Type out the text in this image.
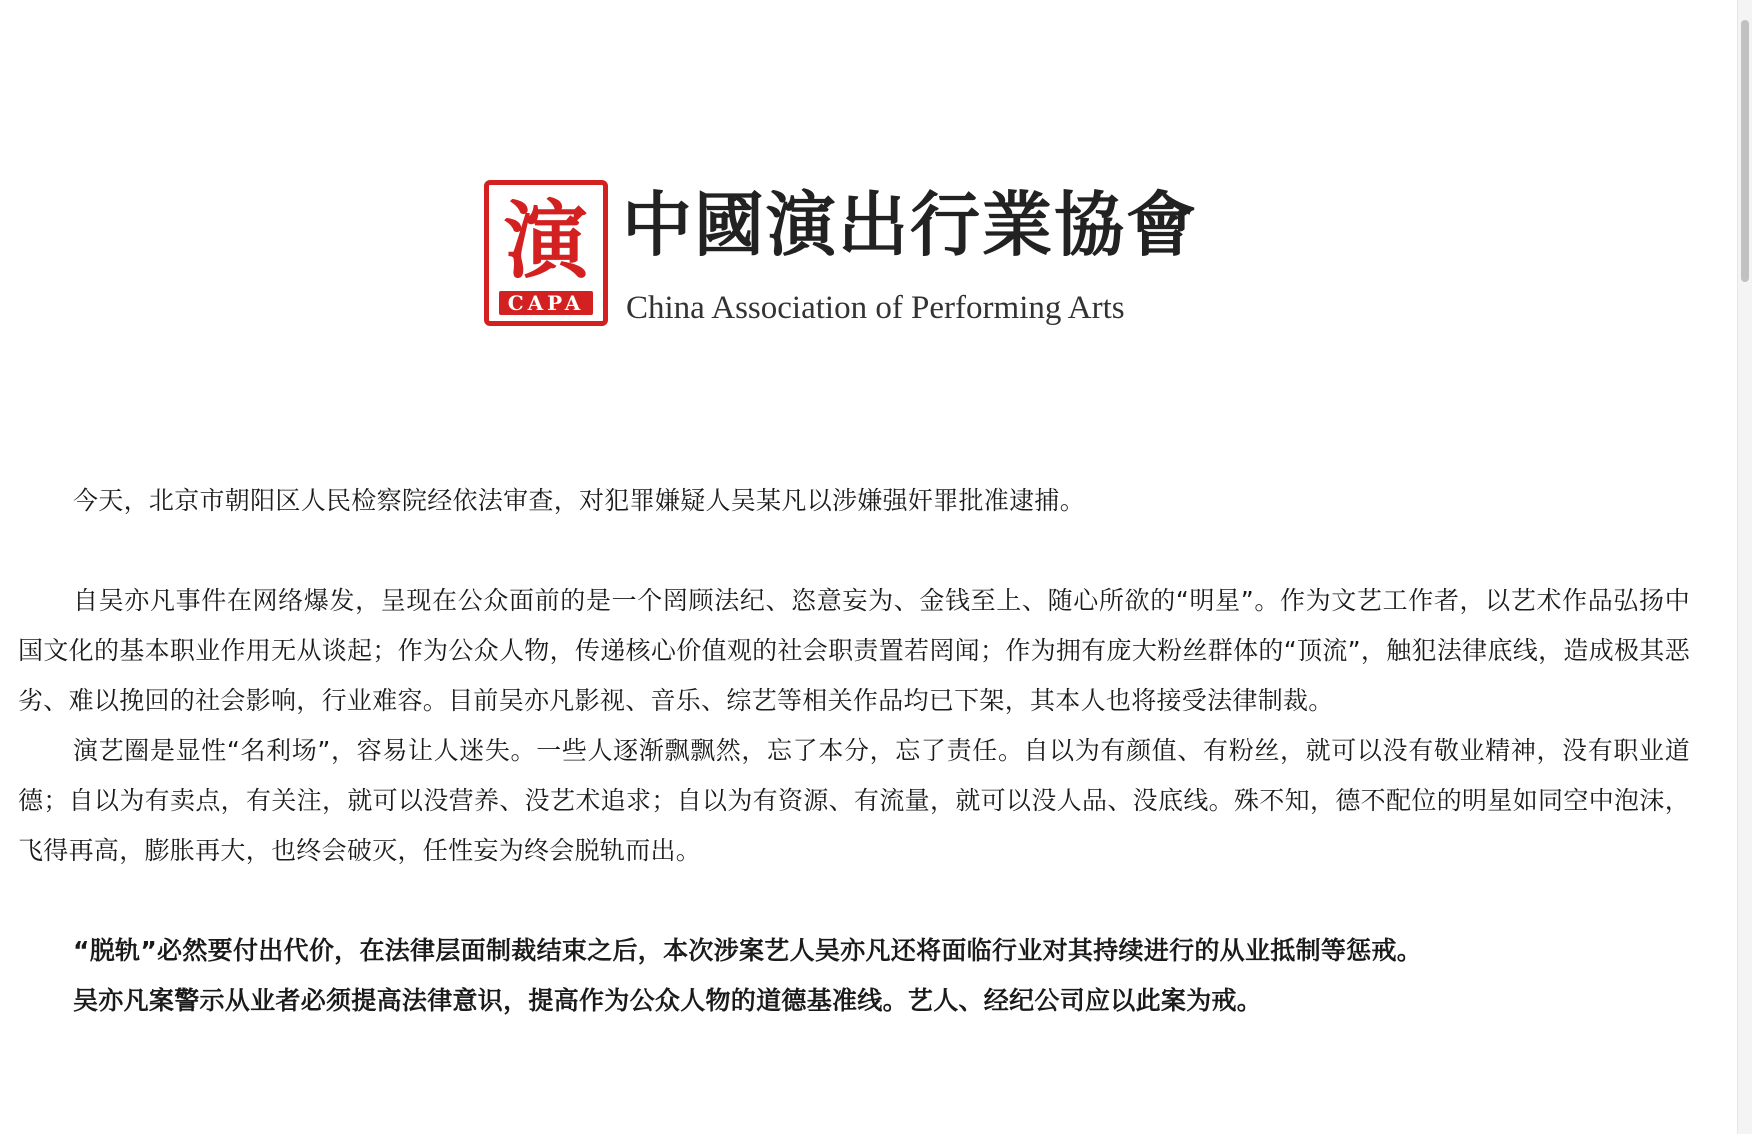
演
CAPA
中國演出行業協會
China Association of Performing Arts

今天，北京市朝阳区人民检察院经依法审查，对犯罪嫌疑人吴某凡以涉嫌强奸罪批准逮捕。

自吴亦凡事件在网络爆发，呈现在公众面前的是一个罔顾法纪、恣意妄为、金钱至上、随心所欲的“明星”。作为文艺工作者，以艺术作品弘扬中国文化的基本职业作用无从谈起；作为公众人物，传递核心价值观的社会职责置若罔闻；作为拥有庞大粉丝群体的“顶流”，触犯法律底线，造成极其恶劣、难以挽回的社会影响，行业难容。目前吴亦凡影视、音乐、综艺等相关作品均已下架，其本人也将接受法律制裁。

演艺圈是显性“名利场”，容易让人迷失。一些人逐渐飘飘然，忘了本分，忘了责任。自以为有颜值、有粉丝，就可以没有敬业精神，没有职业道德；自以为有卖点，有关注，就可以没营养、没艺术追求；自以为有资源、有流量，就可以没人品、没底线。殊不知，德不配位的明星如同空中泡沫，飞得再高，膨胀再大，也终会破灭，任性妄为终会脱轨而出。

“脱轨”必然要付出代价，在法律层面制裁结束之后，本次涉案艺人吴亦凡还将面临行业对其持续进行的从业抵制等惩戒。

吴亦凡案警示从业者必须提高法律意识，提高作为公众人物的道德基准线。艺人、经纪公司应以此案为戒。
